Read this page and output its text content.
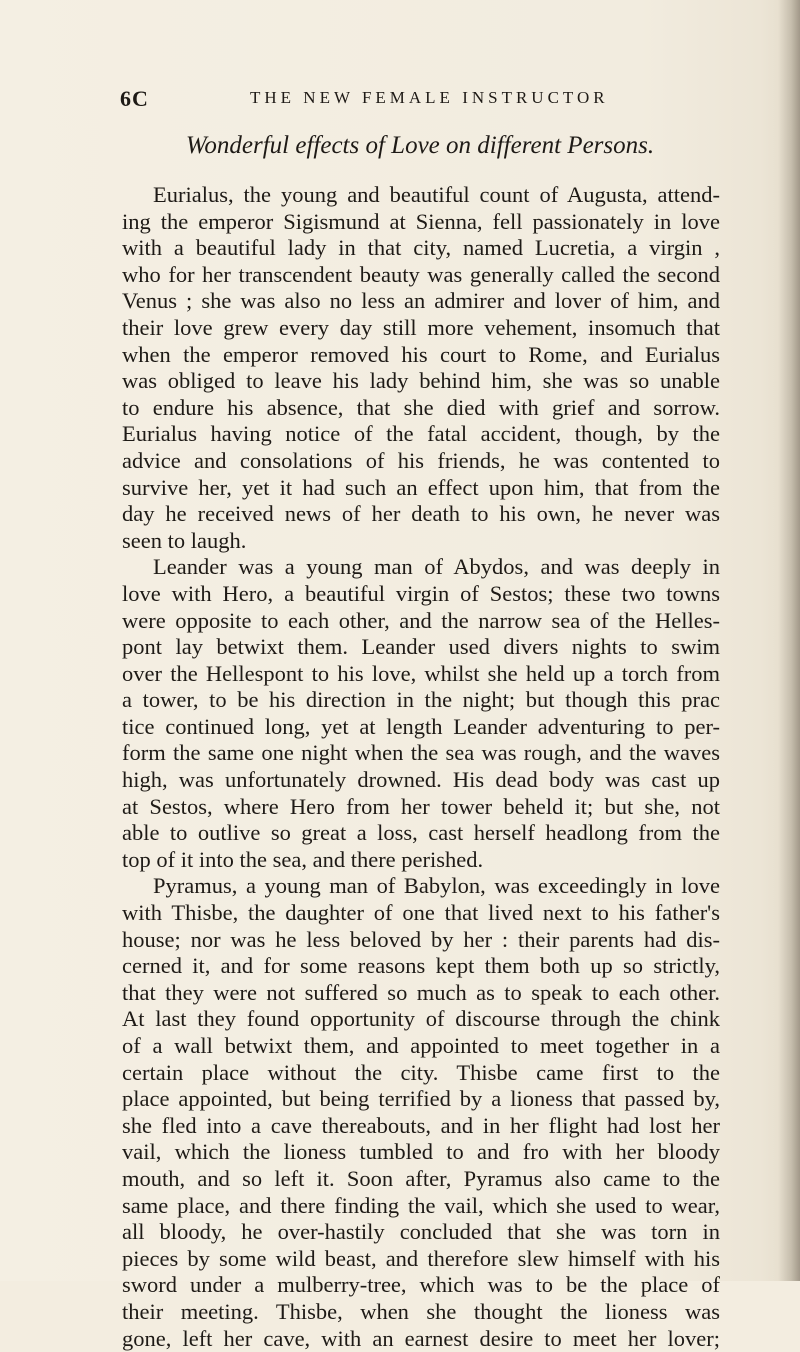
6C	THE NEW FEMALE INSTRUCTOR
Wonderful effects of Love on different Persons.
Eurialus, the young and beautiful count of Augusta, attend-
ing the emperor Sigismund at Sienna, fell passionately in love
with a beautiful lady in that city, named Lucretia, a virgin ,
who for her transcendent beauty was generally called the second
Venus ; she was also no less an admirer and lover of him, and
their love grew every day still more vehement, insomuch that
when the emperor removed his court to Rome, and Eurialus
was obliged to leave his lady behind him, she was so unable
to endure his absence, that she died with grief and sorrow.
Eurialus having notice of the fatal accident, though, by the
advice and consolations of his friends, he was contented to
survive her, yet it had such an effect upon him, that from the
day he received news of her death to his own, he never was
seen to laugh.
Leander was a young man of Abydos, and was deeply in
love with Hero, a beautiful virgin of Sestos; these two towns
were opposite to each other, and the narrow sea of the Helles-
pont lay betwixt them. Leander used divers nights to swim
over the Hellespont to his love, whilst she held up a torch from
a tower, to be his direction in the night; but though this prac
tice continued long, yet at length Leander adventuring to per-
form the same one night when the sea was rough, and the waves
high, was unfortunately drowned. His dead body was cast up
at Sestos, where Hero from her tower beheld it; but she, not
able to outlive so great a loss, cast herself headlong from the
top of it into the sea, and there perished.
Pyramus, a young man of Babylon, was exceedingly in love
with Thisbe, the daughter of one that lived next to his father's
house; nor was he less beloved by her : their parents had dis-
cerned it, and for some reasons kept them both up so strictly,
that they were not suffered so much as to speak to each other.
At last they found opportunity of discourse through the chink
of a wall betwixt them, and appointed to meet together in a
certain place without the city. Thisbe came first to the
place appointed, but being terrified by a lioness that passed by,
she fled into a cave thereabouts, and in her flight had lost her
vail, which the lioness tumbled to and fro with her bloody
mouth, and so left it. Soon after, Pyramus also came to the
same place, and there finding the vail, which she used to wear,
all bloody, he over-hastily concluded that she was torn in
pieces by some wild beast, and therefore slew himself with his
sword under a mulberry-tree, which was to be the place of
their meeting. Thisbe, when she thought the lioness was
gone, left her cave, with an earnest desire to meet her lover;
